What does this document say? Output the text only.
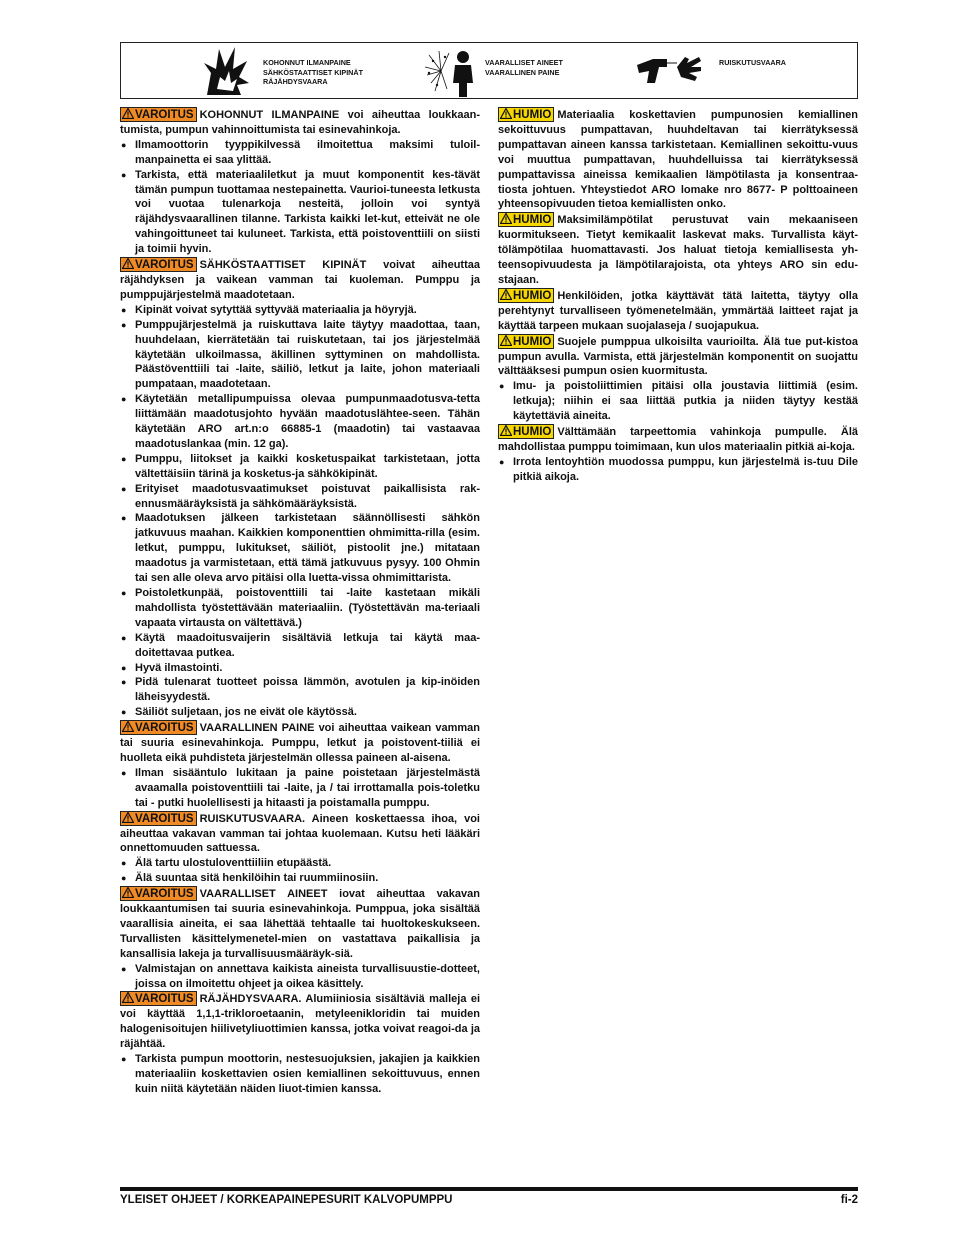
KOHONNUT ILMANPAINE
SÄHKÖSTAATTISET KIPINÄT
RÄJÄHDYSVAARA
VAARALLISET AINEET
VAARALLINEN PAINE
RUISKUTUSVAARA

VAROITUS KOHONNUT ILMANPAINE voi aiheuttaa loukkaan-tumista, pumpun vahinnoittumista tai esinevahinkoja.

● Ilmamoottorin tyyppikilvessä ilmoitettua maksimi tuloil-manpainetta ei saa ylittää.
● Tarkista, että materiaaliletkut ja muut komponentit kes-tävät tämän pumpun tuottamaa nestepainetta. Vaurioi-tuneesta letkusta voi vuotaa tulenarkoja nesteitä, jolloin voi syntyä räjähdysvaarallinen tilanne. Tarkista kaikki let-kut, etteivät ne ole vahingoittuneet tai kuluneet. Tarkista, että poistoventtiili on siisti ja toimii hyvin.

VAROITUS SÄHKÖSTAATTISET KIPINÄT voivat aiheuttaa räjähdyksen ja vaikean vamman tai kuoleman. Pumppu ja pumppujärjestelmä maadotetaan.

● Kipinät voivat sytyttää syttyvää materiaalia ja höyryjä.
● Pumppujärjestelmä ja ruiskuttava laite täytyy maadottaa, taan, huuhdelaan, kierrätetään tai ruiskutetaan, tai jos järjestelmää käytetään ulkoilmassa, äkillinen syttyminen on mahdollista. Päästöventtiili tai -laite, säiliö, letkut ja laite, johon materiaali pumpataan, maadotetaan.
● Käytetään metallipumpuissa olevaa pumpunmaadotusva-tetta liittämään maadotusjohto hyvään maadotuslähtee-seen. Tähän käytetään ARO art.n:o 66885-1 (maadotin) tai vastaavaa maadotuslankaa (min. 12 ga).
● Pumppu, liitokset ja kaikki kosketuspaikat tarkistetaan, jotta vältettäisiin tärinä ja kosketus-ja sähkökipinät.
● Erityiset maadotusvaatimukset poistuvat paikallisista rak-ennusmääräyksistä ja sähkömääräyksistä.
● Maadotuksen jälkeen tarkistetaan säännöllisesti sähkön jatkuvuus maahan. Kaikkien komponenttien ohmimitta-rilla (esim. letkut, pumppu, lukitukset, säiliöt, pistoolit jne.) mitataan maadotus ja varmistetaan, että tämä jatkuvuus pysyy. 100 Ohmin tai sen alle oleva arvo pitäisi olla luetta-vissa ohmimittarista.
● Poistoletkunpää, poistoventtiili tai -laite kastetaan mikäli mahdollista työstettävään materiaaliin. (Työstettävän ma-teriaali vapaata virtausta on vältettävä.)
● Käytä maadoitusvaijerin sisältäviä letkuja tai käytä maa-doitettavaa putkea.
● Hyvä ilmastointi.
● Pidä tulenarat tuotteet poissa lämmön, avotulen ja kip-inöiden läheisyydestä.
● Säiliöt suljetaan, jos ne eivät ole käytössä.

VAROITUS VAARALLINEN PAINE voi aiheuttaa vaikean vamman tai suuria esinevahinkoja. Pumppu, letkut ja poistovent-tiiliä ei huolleta eikä puhdisteta järjestelmän ollessa paineen al-aisena.

● Ilman sisääntulo lukitaan ja paine poistetaan järjestelmästä avaamalla poistoventtiili tai -laite, ja / tai irrottamalla pois-toletku tai - putki huolellisesti ja hitaasti ja poistamalla pumppu.

VAROITUS RUISKUTUSVAARA. Aineen koskettaessa ihoa, voi aiheuttaa vakavan vamman tai johtaa kuolemaan. Kutsu heti lääkäri onnettomuuden sattuessa.

● Älä tartu ulostuloventtiiliin etupäästä.
● Älä suuntaa sitä henkilöihin tai ruummiinosiin.

VAROITUS VAARALLISET AINEET iovat aiheuttaa vakavan loukkaantumisen tai suuria esinevahinkoja. Pumppua, joka sisältää vaarallisia aineita, ei saa lähettää tehtaalle tai huoltokeskukseen. Turvallisten käsittelymenetel-mien on vastattava paikallisia ja kansallisia lakeja ja turvallisuusmääräyk-siä.

● Valmistajan on annettava kaikista aineista turvallisuustie-dotteet, joissa on ilmoitettu ohjeet ja oikea käsittely.

VAROITUS RÄJÄHDYSVAARA. Alumiiniosia sisältäviä malleja ei voi käyttää 1,1,1-trikloroetaanin, metyleenikloridin tai muiden halogenisoitujen hiilivetyliuottimien kanssa, jotka voivat reagoi-da ja räjähtää.

● Tarkista pumpun moottorin, nestesuojuksien, jakajien ja kaikkien materiaaliin koskettavien osien kemiallinen sekoittuvuus, ennen kuin niitä käytetään näiden liuot-timien kanssa.

HUMIO Materiaalia koskettavien pumpunosien kemiallinen sekoittuvuus pumpattavan, huuhdeltavan tai kierrätyksessä pumpattavan aineen kanssa tarkistetaan. Kemiallinen sekoittu-vuus voi muuttua pumpattavan, huuhdelluissa tai kierrätyksessä pumpattavissa aineissa kemikaalien lämpötilasta ja konsentraa-tiosta johtuen. Yhteystiedot ARO lomake nro 8677- P polttoaineen yhteensopivuuden tietoa kemiallisten onko.

HUMIO Maksimilämpötilat perustuvat vain mekaaniseen kuormitukseen. Tietyt kemikaalit laskevat maks. Turvallista käyt-tölämpötilaa huomattavasti. Jos haluat tietoja kemiallisesta yh-teensopivuudesta ja lämpötilarajoista, ota yhteys ARO sin edu-stajaan.

HUMIO Henkilöiden, jotka käyttävät tätä laitetta, täytyy olla perehtynyt turvalliseen työmenetelmään, ymmärtää laitteet rajat ja käyttää tarpeen mukaan suojalaseja / suojapukua.

HUMIO Suojele pumppua ulkoisilta vaurioilta. Älä tue put-kistoa pumpun avulla. Varmista, että järjestelmän komponentit on suojattu välttääksesi pumpun osien kuormitusta.

● Imu- ja poistoliittimien pitäisi olla joustavia liittimiä (esim. letkuja); niihin ei saa liittää putkia ja niiden täytyy kestää käytettäviä aineita.

HUMIO Välttämään tarpeettomia vahinkoja pumpulle. Älä mahdollistaa pumppu toimimaan, kun ulos materiaalin pitkiä ai-koja.

● Irrota lentoyhtiön muodossa pumppu, kun järjestelmä is-tuu Dile pitkiä aikoja.
YLEISET OHJEET / KORKEAPAINEPESURIT KALVOPUMPPU	fi-2
